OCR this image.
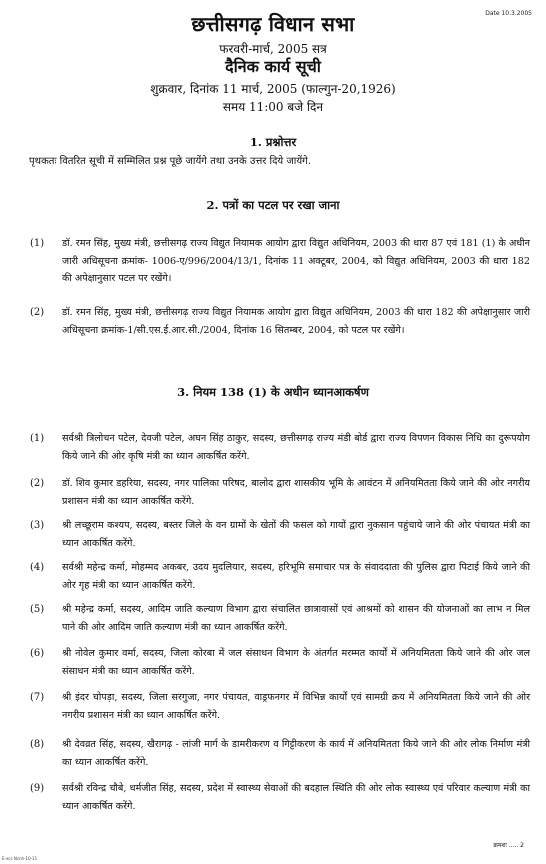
Date 10.3.2005
छत्तीसगढ़ विधान सभा
फरवरी-मार्च, 2005 सत्र
दैनिक कार्य सूची
शुक्रवार, दिनांक 11 मार्च, 2005 (फाल्गुन-20,1926)
समय 11:00 बजे दिन
1. प्रश्नोत्तर
पृथकतः वितरित सूची में सम्मिलित प्रश्न पूछे जायेंगे तथा उनके उत्तर दिये जायेंगे.
2. पत्रों का पटल पर रखा जाना
(1)	डॉ. रमन सिंह, मुख्य मंत्री, छत्तीसगढ़ राज्य विद्युत नियामक आयोग द्वारा विद्युत अधिनियम, 2003 की धारा 87 एवं 181 (1) के अधीन जारी अधिसूचना क्रमांक- 1006-ए/996/2004/13/1, दिनांक 11 अक्टूबर, 2004, को विद्युत अधिनियम, 2003 की धारा 182 की अपेक्षानुसार पटल पर रखेंगे।
(2)	डॉ. रमन सिंह, मुख्य मंत्री, छत्तीसगढ़ राज्य विद्युत नियामक आयोग द्वारा विद्युत अधिनियम, 2003 की धारा 182 की अपेक्षानुसार जारी अधिसूचना क्रमांक-1/सी.एस.ई.आर.सी./2004, दिनांक 16 सितम्बर, 2004, को पटल पर रखेंगे।
3. नियम 138 (1) के अधीन ध्यानआकर्षण
(1)	सर्वश्री त्रिलोचन पटेल, देवजी पटेल, अघन सिंह ठाकुर, सदस्य, छत्तीसगढ़ राज्य मंडी बोर्ड द्वारा राज्य विपणन विकास निधि का दुरूपयोग किये जाने की ओर कृषि मंत्री का ध्यान आकर्षित करेंगे.
(2)	डॉ. शिव कुमार डहरिया, सदस्य, नगर पालिका परिषद, बालोद द्वारा शासकीय भूमि के आवंटन में अनियमितता किये जाने की ओर नगरीय प्रशासन मंत्री का ध्यान आकर्षित करेंगे.
(3)	श्री लच्छूराम कश्यप, सदस्य, बस्तर जिले के वन ग्रामों के खेतों की फसल को गायों द्वारा नुकसान पहुंचाये जाने की ओर पंचायत मंत्री का ध्यान आकर्षित करेंगे.
(4)	सर्वश्री महेन्द्र कर्मा, मोहम्मद अकबर, उदय मुदलियार, सदस्य, हरिभूमि समाचार पत्र के संवाददाता की पुलिस द्वारा पिटाई किये जाने की ओर गृह मंत्री का ध्यान आकर्षित करेंगे.
(5)	श्री महेन्द्र कर्मा, सदस्य, आदिम जाति कल्याण विभाग द्वारा संचालित छात्रावासों एवं आश्रमों को शासन की योजनाओं का लाभ न मिल पाने की ओर आदिम जाति कल्याण मंत्री का ध्यान आकर्षित करेंगे.
(6)	श्री नोवेल कुमार वर्मा, सदस्य, जिला कोरबा में जल संसाधन विभाग के अंतर्गत मरम्मत कार्यों में अनियमितता किये जाने की ओर जल संसाधन मंत्री का ध्यान आकर्षित करेंगे.
(7)	श्री इंदर चोपड़ा, सदस्य, जिला सरगुजा, नगर पंचायत, वाड्रफनगर में विभिन्न कार्यों एवं सामग्री क्रय में अनियमितता किये जाने की ओर नगरीय प्रशासन मंत्री का ध्यान आकर्षित करेंगे.
(8)	श्री देवव्रत सिंह, सदस्य, खैरागढ़ - लांजी मार्ग के डामरीकरण व गिट्टीकरण के कार्य में अनियमितता किये जाने की ओर लोक निर्माण मंत्री का ध्यान आकर्षित करेंगे.
(9)	सर्वश्री रविन्द्र चौबे, धर्मजीत सिंह, सदस्य, प्रदेश में स्वास्थ्य सेवाओं की बदहाल स्थिति की ओर लोक स्वास्थ्य एवं परिवार कल्याण मंत्री का ध्यान आकर्षित करेंगे.
क्रमशः ..... 2
E-xcs Ncnh-10-11
